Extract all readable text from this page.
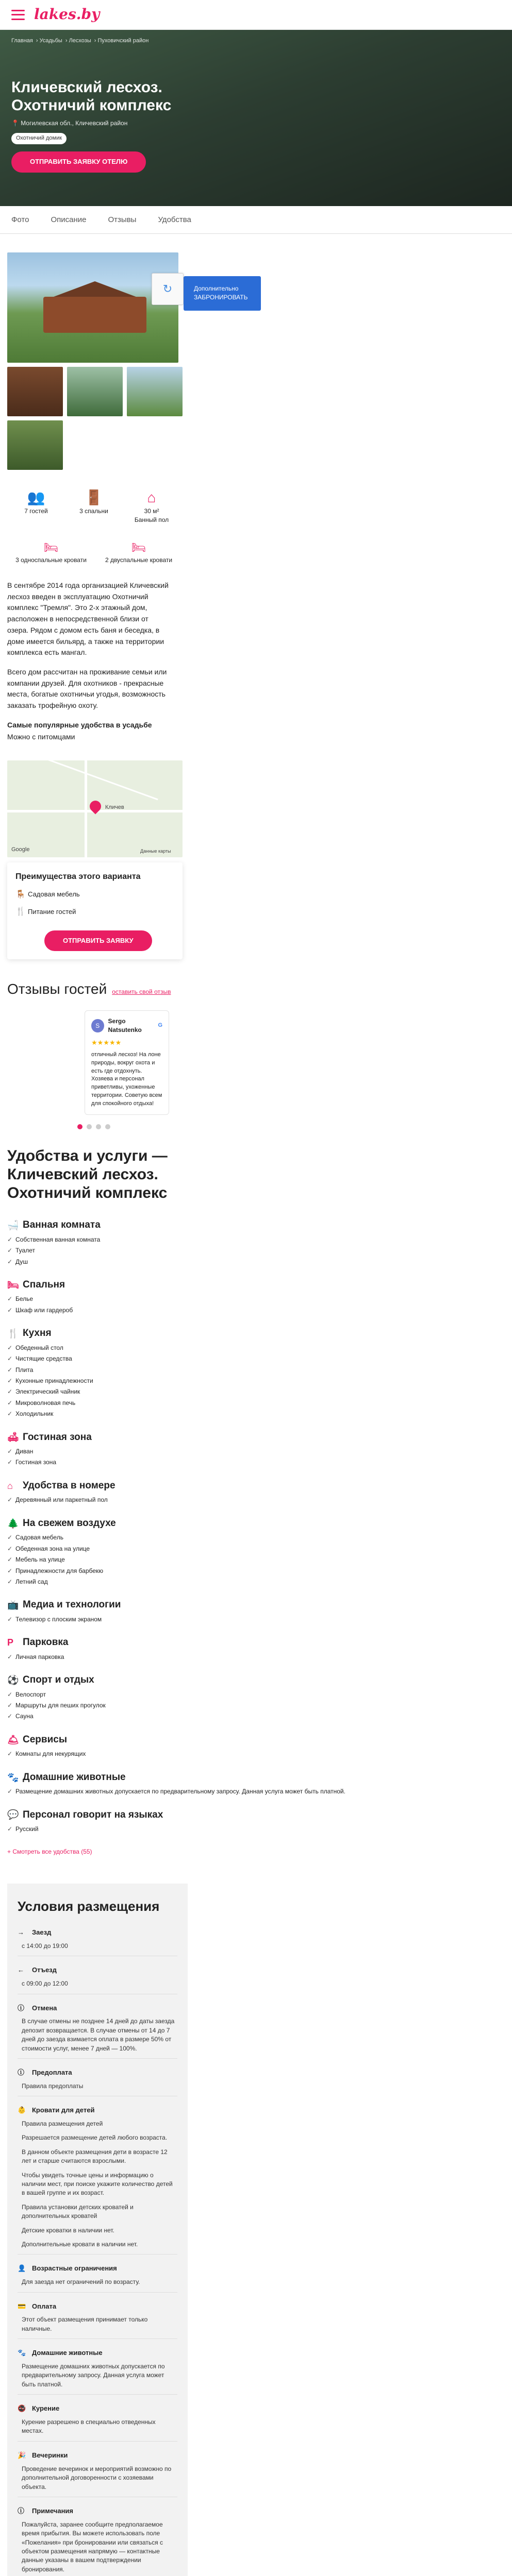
lakes.by
Главная › Усадьбы › Лесхозы › Пуховичский район
Кличевский лесхоз. Охотничий комплекс
📍 Могилевская обл., Кличевский район
Охотничий домик
ОТПРАВИТЬ ЗАЯВКУ ОТЕЛЮ
Фото	Описание	Отзывы	Удобства
↻	Дополнительно ЗАБРОНИРОВАТЬ
👥
7 гостей
🚪
3 спальни
⌂
30 м²
Банный пол
🛏
3 односпальные кровати
🛏
2 двуспальные кровати

В сентябре 2014 года организацией Кличевский лесхоз введен в эксплуатацию Охотничий комплекс "Тремля". Это 2-х этажный дом, расположен в непосредственной близи от озера. Рядом с домом есть баня и беседка, в доме имеется бильярд, а также на территории комплекса есть мангал.

Всего дом рассчитан на проживание семьи или компании друзей. Для охотников - прекрасные места, богатые охотничьи угодья, возможность заказать трофейную охоту.

Самые популярные удобства в усадьбе
Можно с питомцами
Кличев
Google	Данные карты
Преимущества этого варианта
🪑 Садовая мебель
🍴 Питание гостей
ОТПРАВИТЬ ЗАЯВКУ
Отзывы гостей оставить свой отзыв
S
Sergo Natsutenko
G
★★★★★
отличный лесхоз! На лоне природы, вокруг охота и есть где отдохнуть. Хозяева и персонал приветливы, ухоженные территории. Советую всем для спокойного отдыха!
Удобства и услуги — Кличевский лесхоз. Охотничий комплекс
🛁 Ванная комната
✓ Собственная ванная комната
✓ Туалет
✓ Душ
🛏 Спальня
✓ Белье
✓ Шкаф или гардероб
🍴 Кухня
✓ Обеденный стол
✓ Чистящие средства
✓ Плита
✓ Кухонные принадлежности
✓ Электрический чайник
✓ Микроволновая печь
✓ Холодильник
🛋 Гостиная зона
✓ Диван
✓ Гостиная зона
⌂	Удобства в номере
✓ Деревянный или паркетный пол
🌲 На свежем воздухе
✓ Садовая мебель
✓ Обеденная зона на улице
✓ Мебель на улице
✓ Принадлежности для барбекю
✓ Летний сад
📺 Медиа и технологии
✓ Телевизор с плоским экраном
P Парковка
✓ Личная парковка
⚽ Спорт и отдых
✓ Велоспорт
✓ Маршруты для пеших прогулок
✓ Сауна
🛎 Сервисы
✓ Комнаты для некурящих
🐾 Домашние животные
✓ Размещение домашних животных допускается по предварительному запросу. Данная услуга может быть платной.
💬 Персонал говорит на языках
✓ Русский
+ Смотреть все удобства (55)
Условия размещения
→	Заезд

с 14:00 до 19:00

←	Отъезд

с 09:00 до 12:00

ⓘ	Отмена

В случае отмены не позднее 14 дней до даты заезда депозит возвращается. В случае отмены от 14 до 7 дней до заезда взимается оплата в размере 50% от стоимости услуг, менее 7 дней — 100%.

ⓘ	Предоплата

Правила предоплаты

👶 Кровати для детей

Правила размещения детей

Разрешается размещение детей любого возраста.

В данном объекте размещения дети в возрасте 12 лет и старше считаются взрослыми.

Чтобы увидеть точные цены и информацию о наличии мест, при поиске укажите количество детей в вашей группе и их возраст.

Правила установки детских кроватей и дополнительных кроватей

Детские кроватки в наличии нет.

Дополнительные кровати в наличии нет.

👤 Возрастные ограничения

Для заезда нет ограничений по возрасту.

💳 Оплата

Этот объект размещения принимает только наличные.

🐾 Домашние животные

Размещение домашних животных допускается по предварительному запросу. Данная услуга может быть платной.

🚭 Курение

Курение разрешено в специально отведенных местах.

🎉 Вечеринки

Проведение вечеринок и мероприятий возможно по дополнительной договоренности с хозяевами объекта.

ⓘ	Примечания

Пожалуйста, заранее сообщите предполагаемое время прибытия. Вы можете использовать поле «Пожелания» при бронировании или связаться с объектом размещения напрямую — контактные данные указаны в вашем подтверждении бронирования.
